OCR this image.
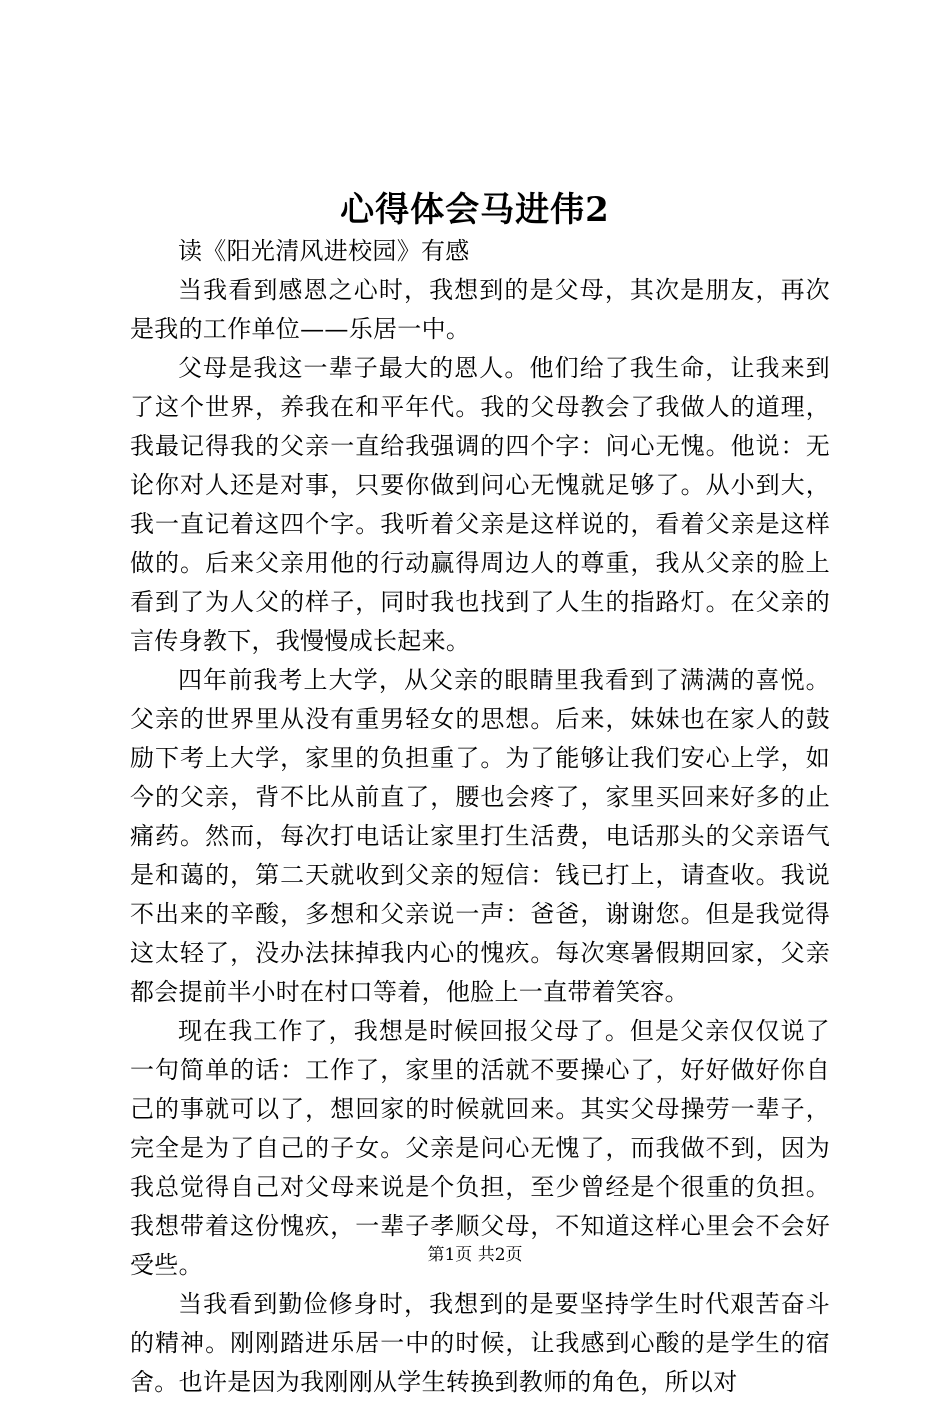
心得体会马进伟2

读《阳光清风进校园》有感

当我看到感恩之心时，我想到的是父母，其次是朋友，再次是我的工作单位——乐居一中。

父母是我这一辈子最大的恩人。他们给了我生命，让我来到了这个世界，养我在和平年代。我的父母教会了我做人的道理，我最记得我的父亲一直给我强调的四个字：问心无愧。他说：无论你对人还是对事，只要你做到问心无愧就足够了。从小到大，我一直记着这四个字。我听着父亲是这样说的，看着父亲是这样做的。后来父亲用他的行动赢得周边人的尊重，我从父亲的脸上看到了为人父的样子，同时我也找到了人生的指路灯。在父亲的言传身教下，我慢慢成长起来。

四年前我考上大学，从父亲的眼睛里我看到了满满的喜悦。父亲的世界里从没有重男轻女的思想。后来，妹妹也在家人的鼓励下考上大学，家里的负担重了。为了能够让我们安心上学，如今的父亲，背不比从前直了，腰也会疼了，家里买回来好多的止痛药。然而，每次打电话让家里打生活费，电话那头的父亲语气是和蔼的，第二天就收到父亲的短信：钱已打上，请查收。我说不出来的辛酸，多想和父亲说一声：爸爸，谢谢您。但是我觉得这太轻了，没办法抹掉我内心的愧疚。每次寒暑假期回家，父亲都会提前半小时在村口等着，他脸上一直带着笑容。

现在我工作了，我想是时候回报父母了。但是父亲仅仅说了一句简单的话：工作了，家里的活就不要操心了，好好做好你自己的事就可以了，想回家的时候就回来。其实父母操劳一辈子，完全是为了自己的子女。父亲是问心无愧了，而我做不到，因为我总觉得自己对父母来说是个负担，至少曾经是个很重的负担。我想带着这份愧疚，一辈子孝顺父母，不知道这样心里会不会好受些。

当我看到勤俭修身时，我想到的是要坚持学生时代艰苦奋斗的精神。刚刚踏进乐居一中的时候，让我感到心酸的是学生的宿舍。也许是因为我刚刚从学生转换到教师的角色，所以对

第1页 共2页
